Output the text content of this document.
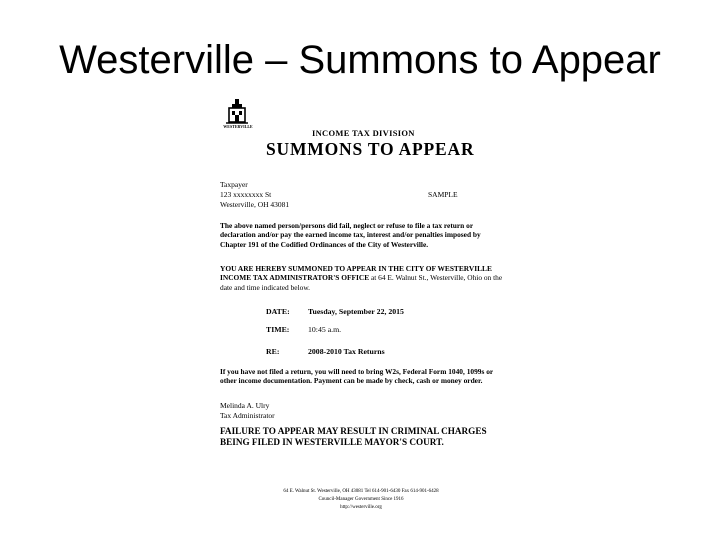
Westerville – Summons to Appear
WESTERVILLE
INCOME TAX DIVISION
SUMMONS TO APPEAR
Taxpayer
123 xxxxxxxx St
Westerville, OH 43081
SAMPLE
The above named person/persons did fail, neglect or refuse to file a tax return or declaration and/or pay the earned income tax, interest and/or penalties imposed by Chapter 191 of the Codified Ordinances of the City of Westerville.
YOU ARE HEREBY SUMMONED TO APPEAR IN THE CITY OF WESTERVILLE INCOME TAX ADMINISTRATOR'S OFFICE at 64 E. Walnut St., Westerville, Ohio on the date and time indicated below.
DATE: Tuesday, September 22, 2015
TIME: 10:45 a.m.
RE:	2008-2010 Tax Returns
If you have not filed a return, you will need to bring W2s, Federal Form 1040, 1099s or other income documentation. Payment can be made by check, cash or money order.
Melinda A. Ulry
Tax Administrator
FAILURE TO APPEAR MAY RESULT IN CRIMINAL CHARGES BEING FILED IN WESTERVILLE MAYOR'S COURT.
64 E. Walnut St. Westerville, OH 43081 Tel 614-901-6430 Fax 614-901-6428
Council-Manager Government Since 1916
http://westerville.org
